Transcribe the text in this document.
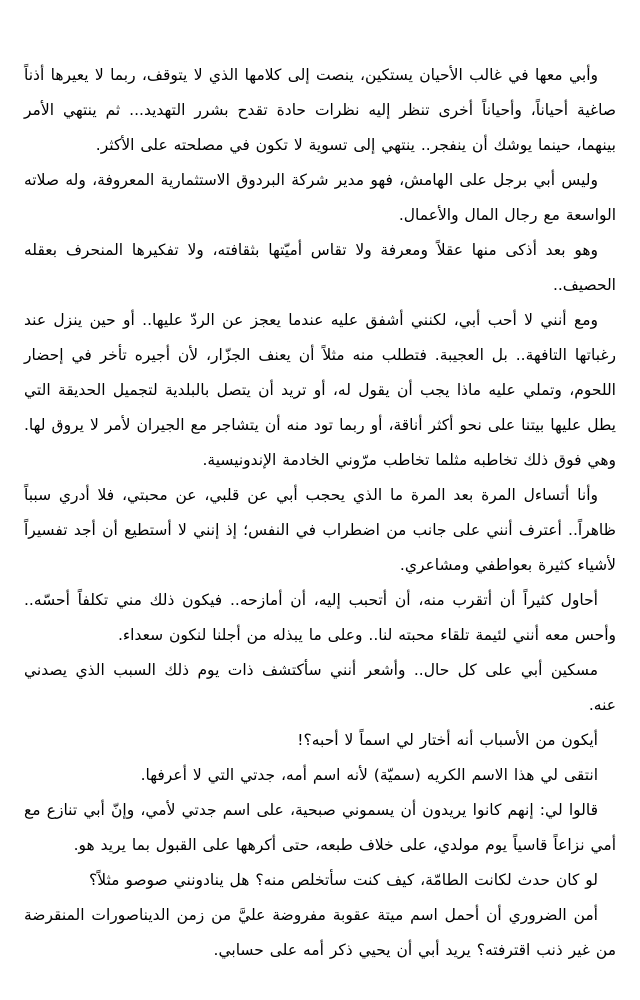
وأبي معها في غالب الأحيان يستكين، ينصت إلى كلامها الذي لا يتوقف، ربما لا يعيرها أذناً صاغية أحياناً، وأحياناً أخرى تنظر إليه نظرات حادة تقدح بشرر التهديد... ثم ينتهي الأمر بينهما، حينما يوشك أن ينفجر.. ينتهي إلى تسوية لا تكون في مصلحته على الأكثر.

وليس أبي برجل على الهامش، فهو مدير شركة البردوق الاستثمارية المعروفة، وله صلاته الواسعة مع رجال المال والأعمال.

وهو بعد أذكى منها عقلاً ومعرفة ولا تقاس أميّتها بثقافته، ولا تفكيرها المنحرف بعقله الحصيف..

ومع أنني لا أحب أبي، لكنني أشفق عليه عندما يعجز عن الردّ عليها.. أو حين ينزل عند رغباتها التافهة.. بل العجيبة. فتطلب منه مثلاً أن يعنف الجزّار، لأن أجيره تأخر في إحضار اللحوم، وتملي عليه ماذا يجب أن يقول له، أو تريد أن يتصل بالبلدية لتجميل الحديقة التي يطل عليها بيتنا على نحو أكثر أناقة، أو ربما تود منه أن يتشاجر مع الجيران لأمر لا يروق لها. وهي فوق ذلك تخاطبه مثلما تخاطب مرّوني الخادمة الإندونيسية.

وأنا أتساءل المرة بعد المرة ما الذي يحجب أبي عن قلبي، عن محبتي، فلا أدري سبباً ظاهراً.. أعترف أنني على جانب من اضطراب في النفس؛ إذ إنني لا أستطيع أن أجد تفسيراً لأشياء كثيرة بعواطفي ومشاعري.

أحاول كثيراً أن أتقرب منه، أن أتحبب إليه، أن أمازحه.. فيكون ذلك مني تكلفاً أحسّه.. وأحس معه أنني لئيمة تلقاء محبته لنا.. وعلى ما يبذله من أجلنا لنكون سعداء.

مسكين أبي على كل حال.. وأشعر أنني سأكتشف ذات يوم ذلك السبب الذي يصدني عنه.

أيكون من الأسباب أنه أختار لي اسماً لا أحبه؟!

انتقى لي هذا الاسم الكريه (سميّة) لأنه اسم أمه، جدتي التي لا أعرفها.

قالوا لي: إنهم كانوا يريدون أن يسموني صبحية، على اسم جدتي لأمي، وإنّ أبي تنازع مع أمي نزاعاً قاسياً يوم مولدي، على خلاف طبعه، حتى أكرهها على القبول بما يريد هو.

لو كان حدث لكانت الطامّة، كيف كنت سأتخلص منه؟ هل ينادونني صوصو مثلاً؟

أمن الضروري أن أحمل اسم ميتة عقوبة مفروضة عليَّ من زمن الديناصورات المنقرضة من غير ذنب اقترفته؟ يريد أبي أن يحيي ذكر أمه على حسابي.
